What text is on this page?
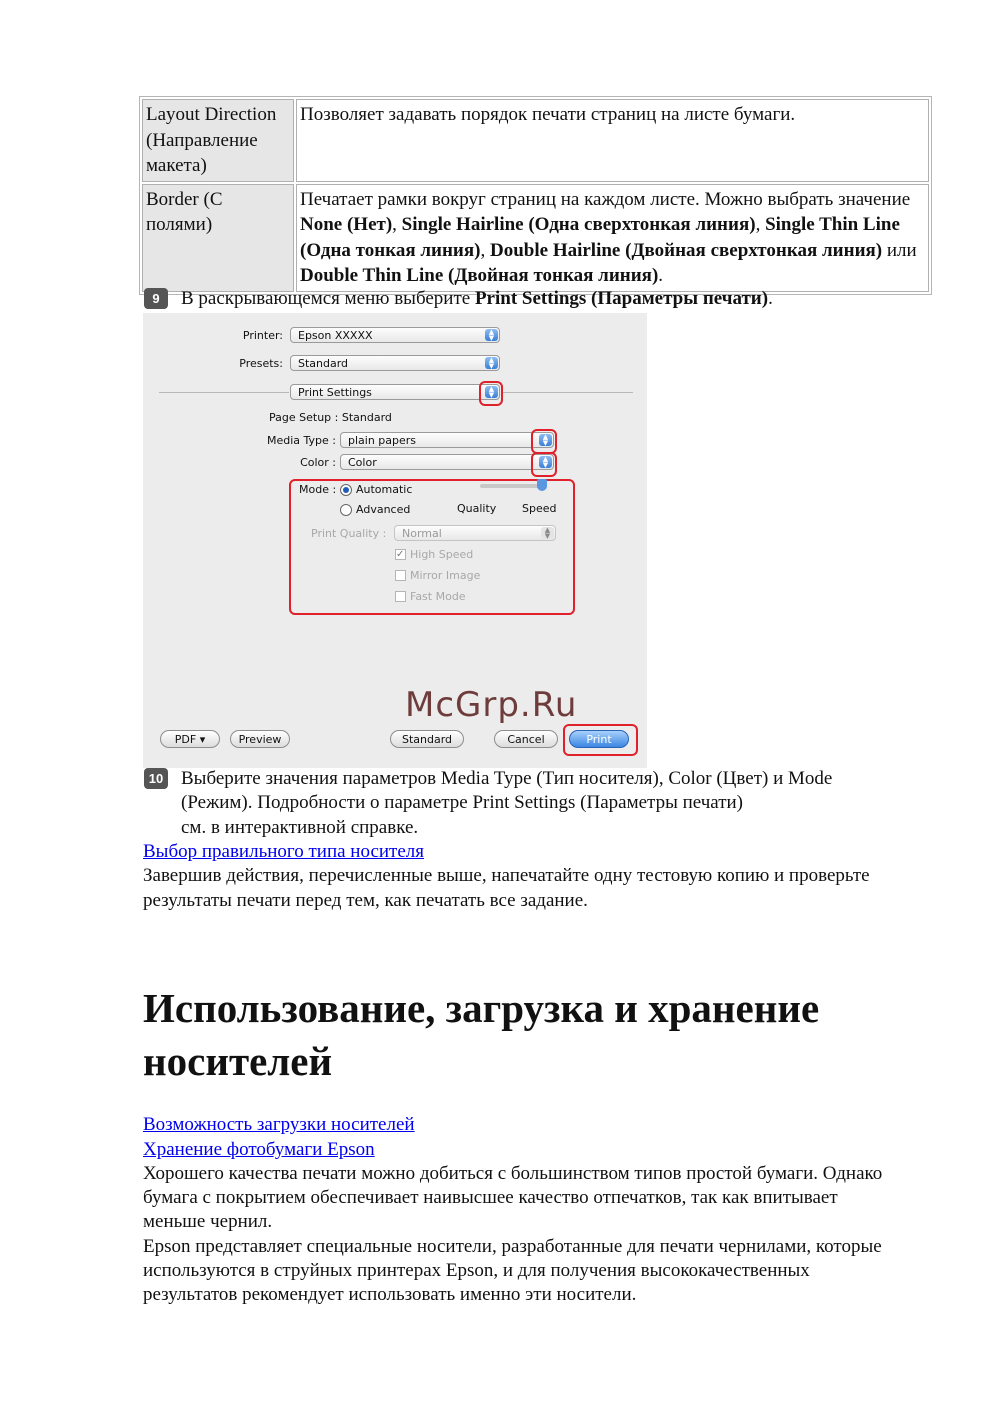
Layout Direction (Направление макета)	Позволяет задавать порядок печати страниц на листе бумаги.
Border (С полями)	Печатает рамки вокруг страниц на каждом листе. Можно выбрать значение None (Нет), Single Hairline (Одна сверхтонкая линия), Single Thin Line (Одна тонкая линия), Double Hairline (Двойная сверхтонкая линия) или Double Thin Line (Двойная тонкая линия).
9	В раскрывающемся меню выберите Print Settings (Параметры печати).
Printer:	Epson XXXXX	▲
▼
Presets:	Standard	▲
▼
Print Settings	▲
▼
Page Setup : Standard
Media Type :	plain papers	▲
▼
Color :	Color	▲
▼
Mode : Automatic
Advanced	Quality Speed
Print Quality :	Normal	▲
▼
✓ High Speed
Mirror Image
Fast Mode
McGrp.Ru
PDF ▾	Preview	Standard	Cancel	Print
10 Выберите значения параметров Media Type (Тип носителя), Color (Цвет) и Mode
(Режим). Подробности о параметре Print Settings (Параметры печати)
см. в интерактивной справке.
Выбор правильного типа носителя
Завершив действия, перечисленные выше, напечатайте одну тестовую копию и проверьте
результаты печати перед тем, как печатать все задание.
Использование, загрузка и хранение
носителей
Возможность загрузки носителей
Хранение фотобумаги Epson
Хорошего качества печати можно добиться с большинством типов простой бумаги. Однако
бумага с покрытием обеспечивает наивысшее качество отпечатков, так как впитывает
меньше чернил.
Epson представляет специальные носители, разработанные для печати чернилами, которые
используются в струйных принтерах Epson, и для получения высококачественных
результатов рекомендует использовать именно эти носители.
